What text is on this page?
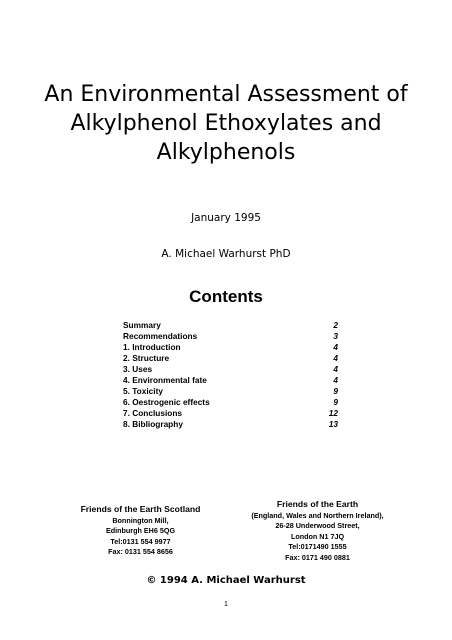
An Environmental Assessment of
Alkylphenol Ethoxylates and
Alkylphenols
January 1995
A. Michael Warhurst PhD
Contents
Summary	2
Recommendations	3
1. Introduction	4
2. Structure	4
3. Uses	4
4. Environmental fate	4
5. Toxicity	9
6. Oestrogenic effects	9
7. Conclusions	12
8. Bibliography	13
Friends of the Earth Scotland
Bonnington Mill,
Edinburgh EH6 5QG
Tel:0131 554 9977
Fax: 0131 554 8656
Friends of the Earth
(England, Wales and Northern Ireland),
26-28 Underwood Street,
London N1 7JQ
Tel:0171490 1555
Fax: 0171 490 0881
© 1994 A. Michael Warhurst
1
